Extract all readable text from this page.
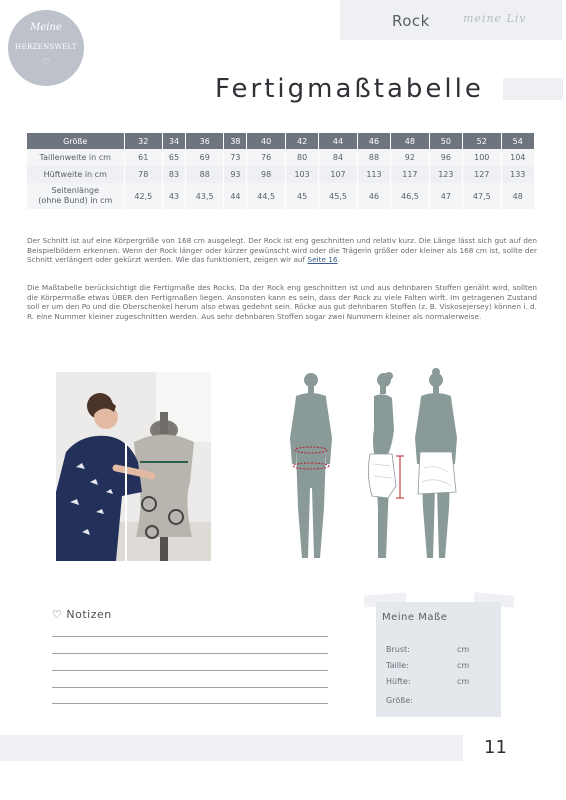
Rock	meine Liv
Meine
HERZENSWELT
♡
Fertigmaßtabelle
Größe	32	34	36	38	40	42	44	46	48	50	52	54
Taillenweite in cm	61	65	69	73	76	80	84	88	92	96	100	104
Hüftweite in cm	78	83	88	93	98	103	107	113	117	123	127	133
Seitenlänge
(ohne Bund) in cm	42,5	43	43,5	44	44,5	45	45,5	46	46,5	47	47,5	48

Der Schnitt ist auf eine Körpergröße von 168 cm ausgelegt. Der Rock ist eng geschnitten und relativ kurz. Die Länge lässt sich gut auf den Beispielbildern erkennen. Wenn der Rock länger oder kürzer gewünscht wird oder die Trägerin größer oder kleiner als 168 cm ist, sollte der Schnitt verlängert oder gekürzt werden. Wie das funktioniert, zeigen wir auf Seite 16.

Die Maßtabelle berücksichtigt die Fertigmaße des Rocks. Da der Rock eng geschnitten ist und aus dehnbaren Stoffen genäht wird, sollten die Körpermaße etwas ÜBER den Fertigmaßen liegen. Ansonsten kann es sein, dass der Rock zu viele Falten wirft. Im getragenen Zustand soll er um den Po und die Oberschenkel herum also etwas gedehnt sein. Röcke aus gut dehnbaren Stoffen (z. B. Viskosejersey) können i. d. R. eine Nummer kleiner zugeschnitten werden. Aus sehr dehnbaren Stoffen sogar zwei Nummern kleiner als normalerweise.

♡ Notizen	Meine Maße
Brust:	cm
Taille:	cm
Hüfte:	cm
Größe:
11
